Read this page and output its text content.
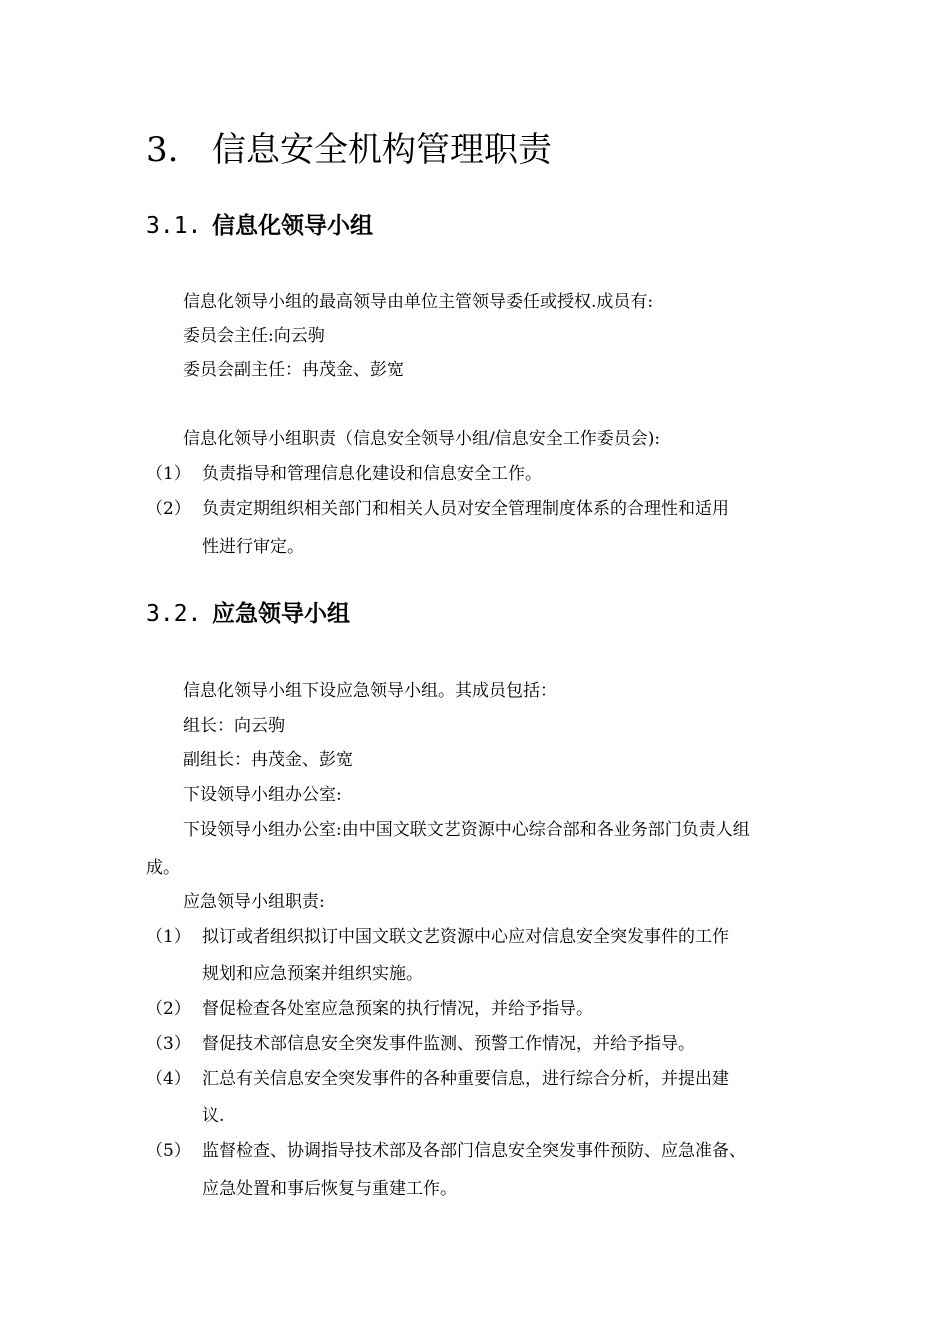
3. 信息安全机构管理职责
3.1. 信息化领导小组
信息化领导小组的最高领导由单位主管领导委任或授权.成员有:
委员会主任:向云驹
委员会副主任：冉茂金、彭宽
信息化领导小组职责（信息安全领导小组/信息安全工作委员会):
（1） 负责指导和管理信息化建设和信息安全工作。
（2） 负责定期组织相关部门和相关人员对安全管理制度体系的合理性和适用
性进行审定。
3.2. 应急领导小组
信息化领导小组下设应急领导小组。其成员包括：
组长：向云驹
副组长：冉茂金、彭宽
下设领导小组办公室:
下设领导小组办公室:由中国文联文艺资源中心综合部和各业务部门负责人组
成。
应急领导小组职责:
（1） 拟订或者组织拟订中国文联文艺资源中心应对信息安全突发事件的工作
规划和应急预案并组织实施。
（2） 督促检查各处室应急预案的执行情况，并给予指导。
（3） 督促技术部信息安全突发事件监测、预警工作情况，并给予指导。
（4） 汇总有关信息安全突发事件的各种重要信息，进行综合分析，并提出建
议.
（5） 监督检查、协调指导技术部及各部门信息安全突发事件预防、应急准备、
应急处置和事后恢复与重建工作。
